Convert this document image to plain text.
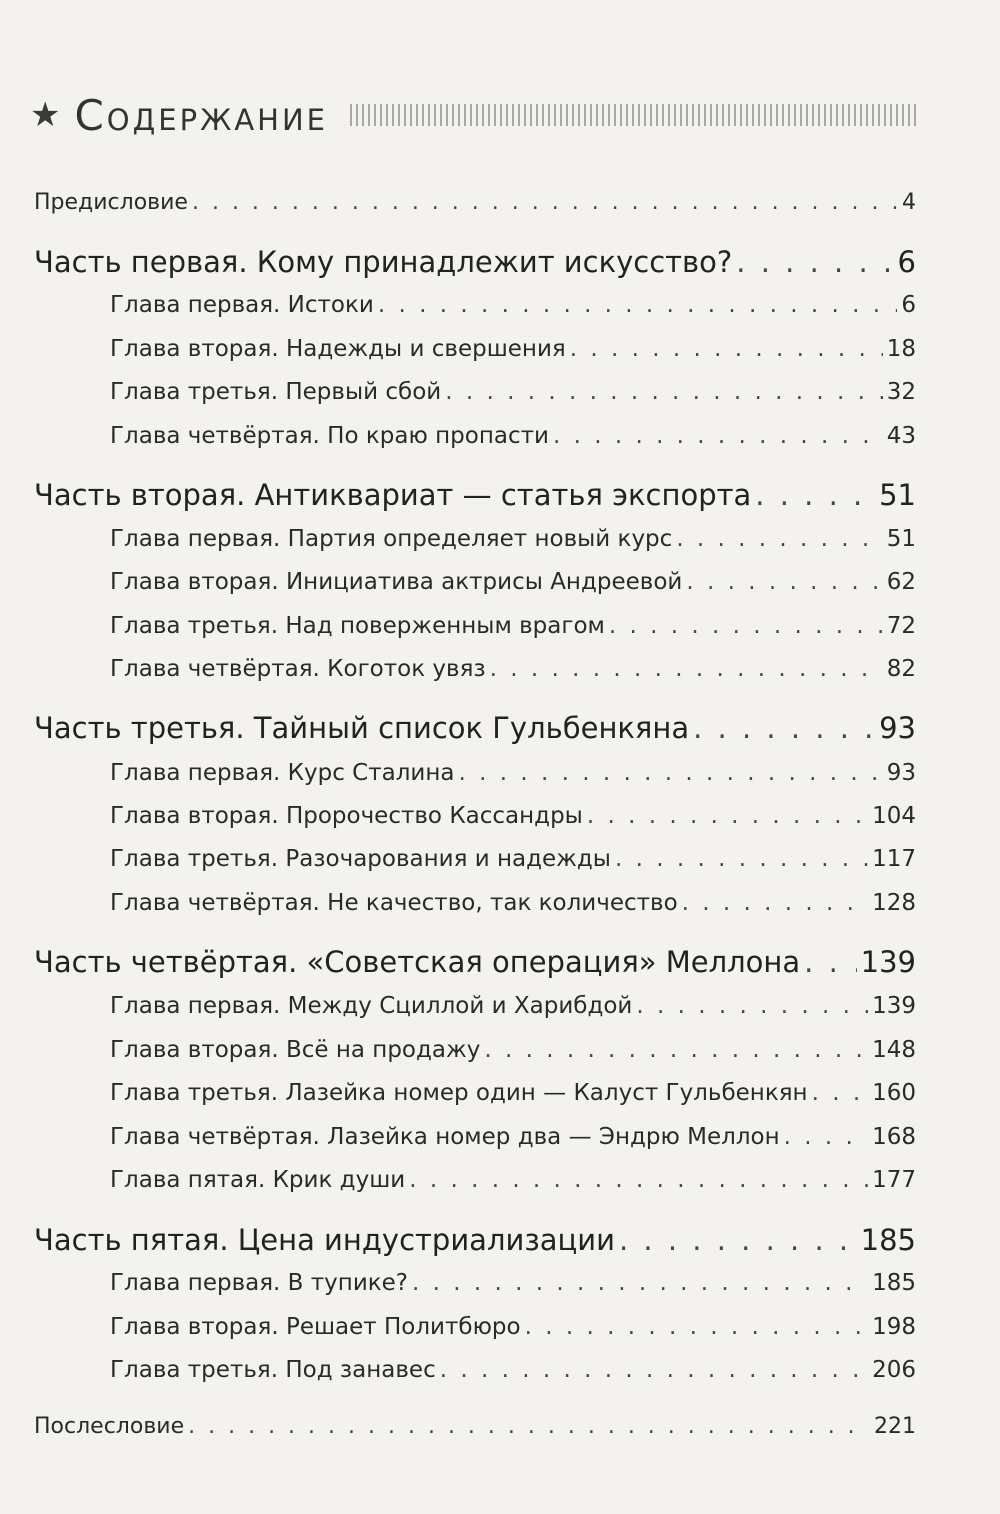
★ Содержание
Предисловие . . .	4
Часть первая. Кому принадлежит искусство? . . .	6
Глава первая. Истоки . . .	6
Глава вторая. Надежды и свершения . . .	18
Глава третья. Первый сбой . . .	32
Глава четвёртая. По краю пропасти . . .	43
Часть вторая. Антиквариат — статья экспорта . . .	51
Глава первая. Партия определяет новый курс . . .	51
Глава вторая. Инициатива актрисы Андреевой . . .	62
Глава третья. Над поверженным врагом . . .	72
Глава четвёртая. Коготок увяз . . .	82
Часть третья. Тайный список Гульбенкяна . . .	93
Глава первая. Курс Сталина . . .	93
Глава вторая. Пророчество Кассандры . . .	104
Глава третья. Разочарования и надежды . . .	117
Глава четвёртая. Не качество, так количество . . .	128
Часть четвёртая. «Советская операция» Меллона . . . 139
Глава первая. Между Сциллой и Харибдой . . .	139
Глава вторая. Всё на продажу . . .	148
Глава третья. Лазейка номер один — Калуст Гульбенкян . . .	160
Глава четвёртая. Лазейка номер два — Эндрю Меллон . . .	168
Глава пятая. Крик души . . .	177
Часть пятая. Цена индустриализации . . .	185
Глава первая. В тупике? . . .	185
Глава вторая. Решает Политбюро . . .	198
Глава третья. Под занавес . . .	206
Послесловие . . .	221
